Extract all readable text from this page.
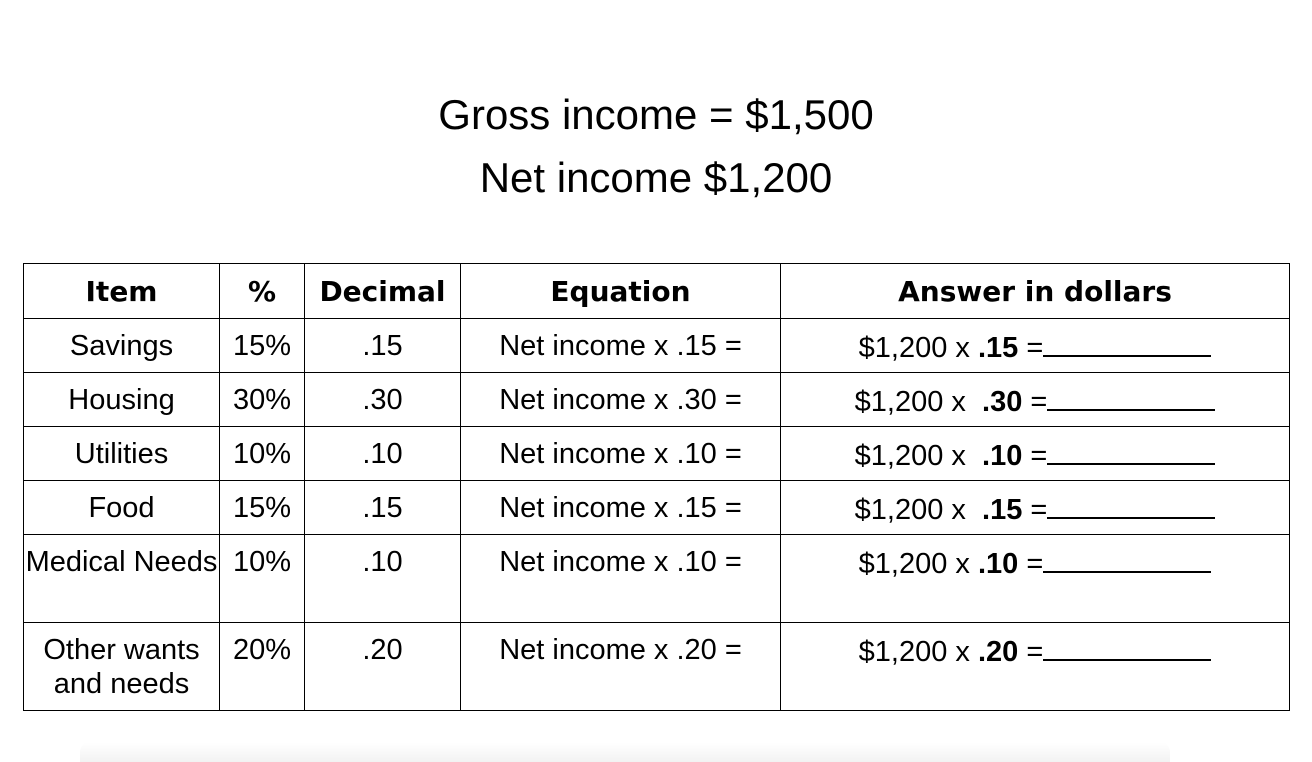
Gross income = $1,500
Net income $1,200
Item	%	Decimal	Equation	Answer in dollars
Savings	15%	.15	Net income x .15 =	$1,200 x .15 =
Housing	30%	.30	Net income x .30 =	$1,200 x  .30 =
Utilities	10%	.10	Net income x .10 =	$1,200 x  .10 =
Food	15%	.15	Net income x .15 =	$1,200 x  .15 =
Medical Needs	10%	.10	Net income x .10 =	$1,200 x .10 =
Other wants and needs	20%	.20	Net income x .20 =	$1,200 x .20 =
